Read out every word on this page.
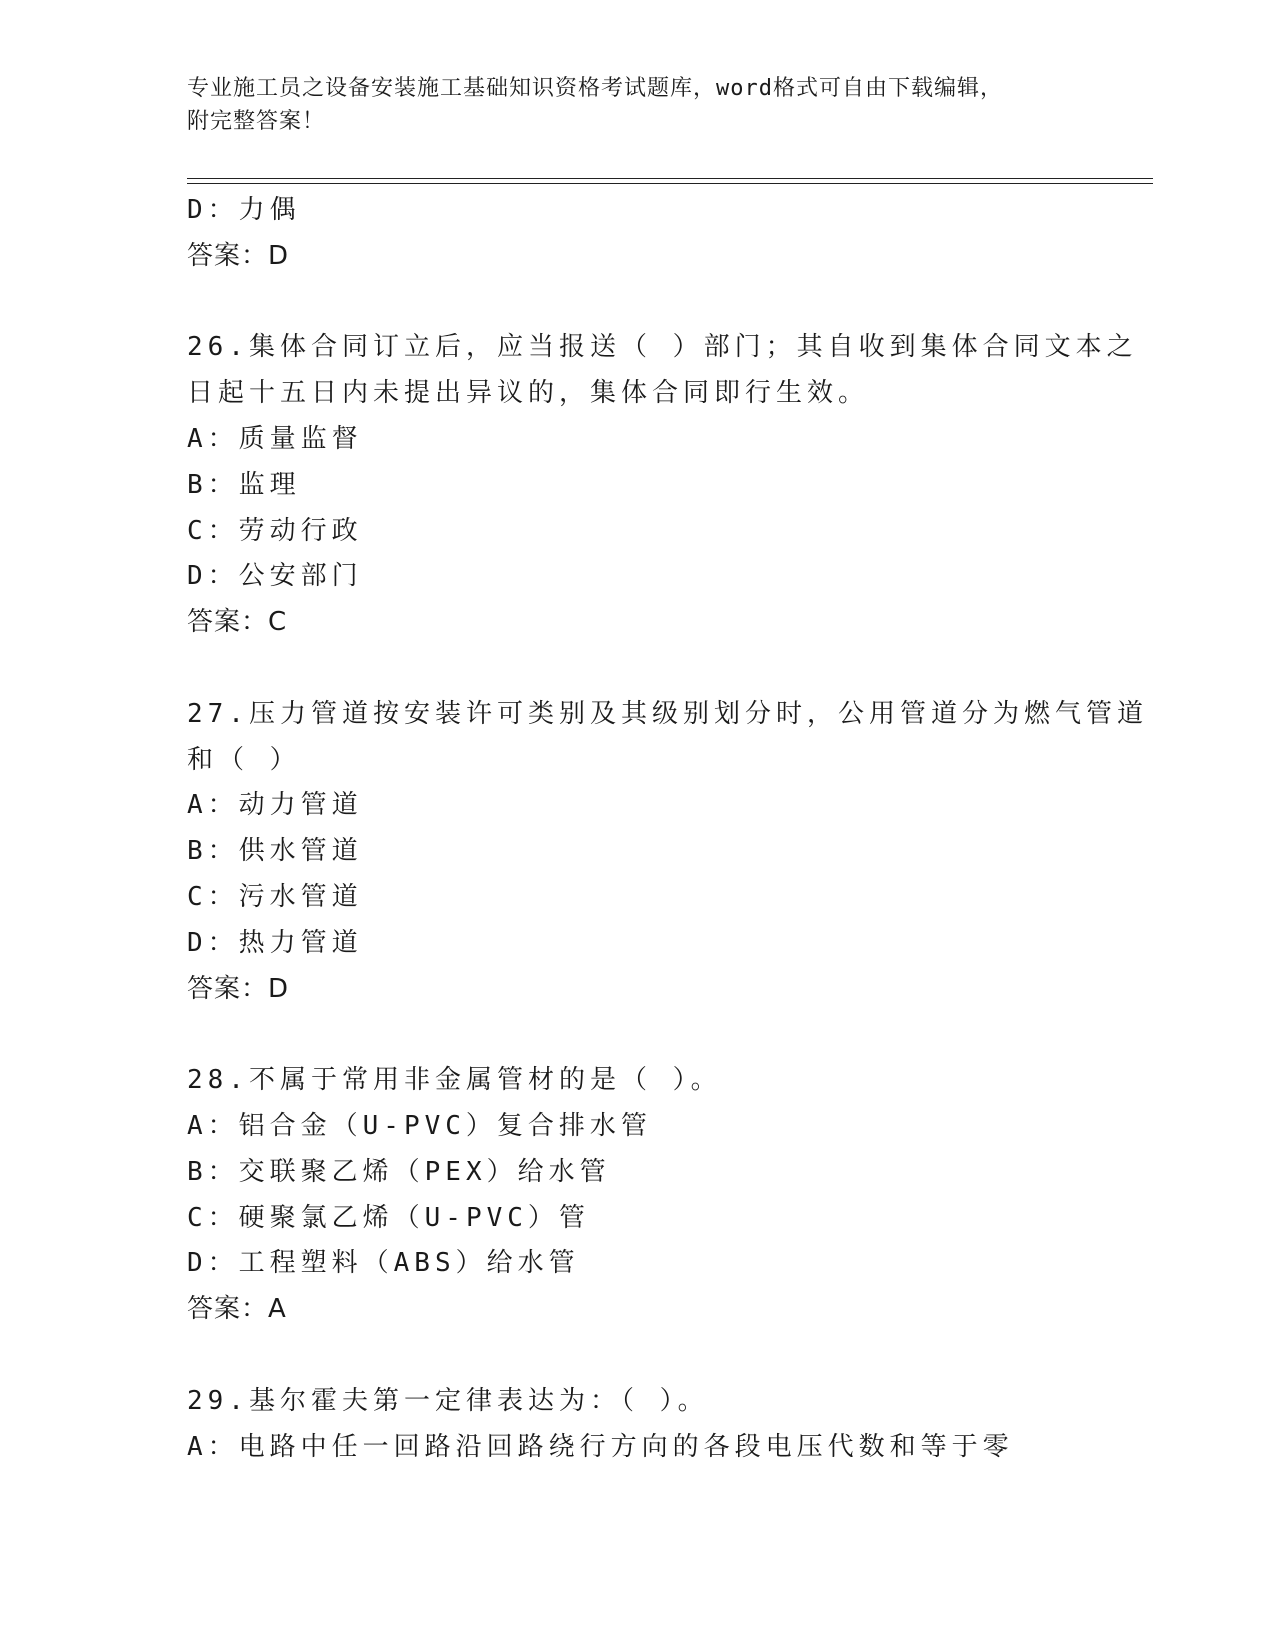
专业施工员之设备安装施工基础知识资格考试题库，word格式可自由下载编辑，
附完整答案！
D：力偶
答案：D
26.集体合同订立后，应当报送（ ）部门；其自收到集体合同文本之
日起十五日内未提出异议的，集体合同即行生效。
A：质量监督
B：监理
C：劳动行政
D：公安部门
答案：C
27.压力管道按安装许可类别及其级别划分时，公用管道分为燃气管道
和（ ）
A：动力管道
B：供水管道
C：污水管道
D：热力管道
答案：D
28.不属于常用非金属管材的是（ ）。
A：铝合金（U-PVC）复合排水管
B：交联聚乙烯（PEX）给水管
C：硬聚氯乙烯（U-PVC）管
D：工程塑料（ABS）给水管
答案：A
29.基尔霍夫第一定律表达为：（ ）。
A：电路中任一回路沿回路绕行方向的各段电压代数和等于零
